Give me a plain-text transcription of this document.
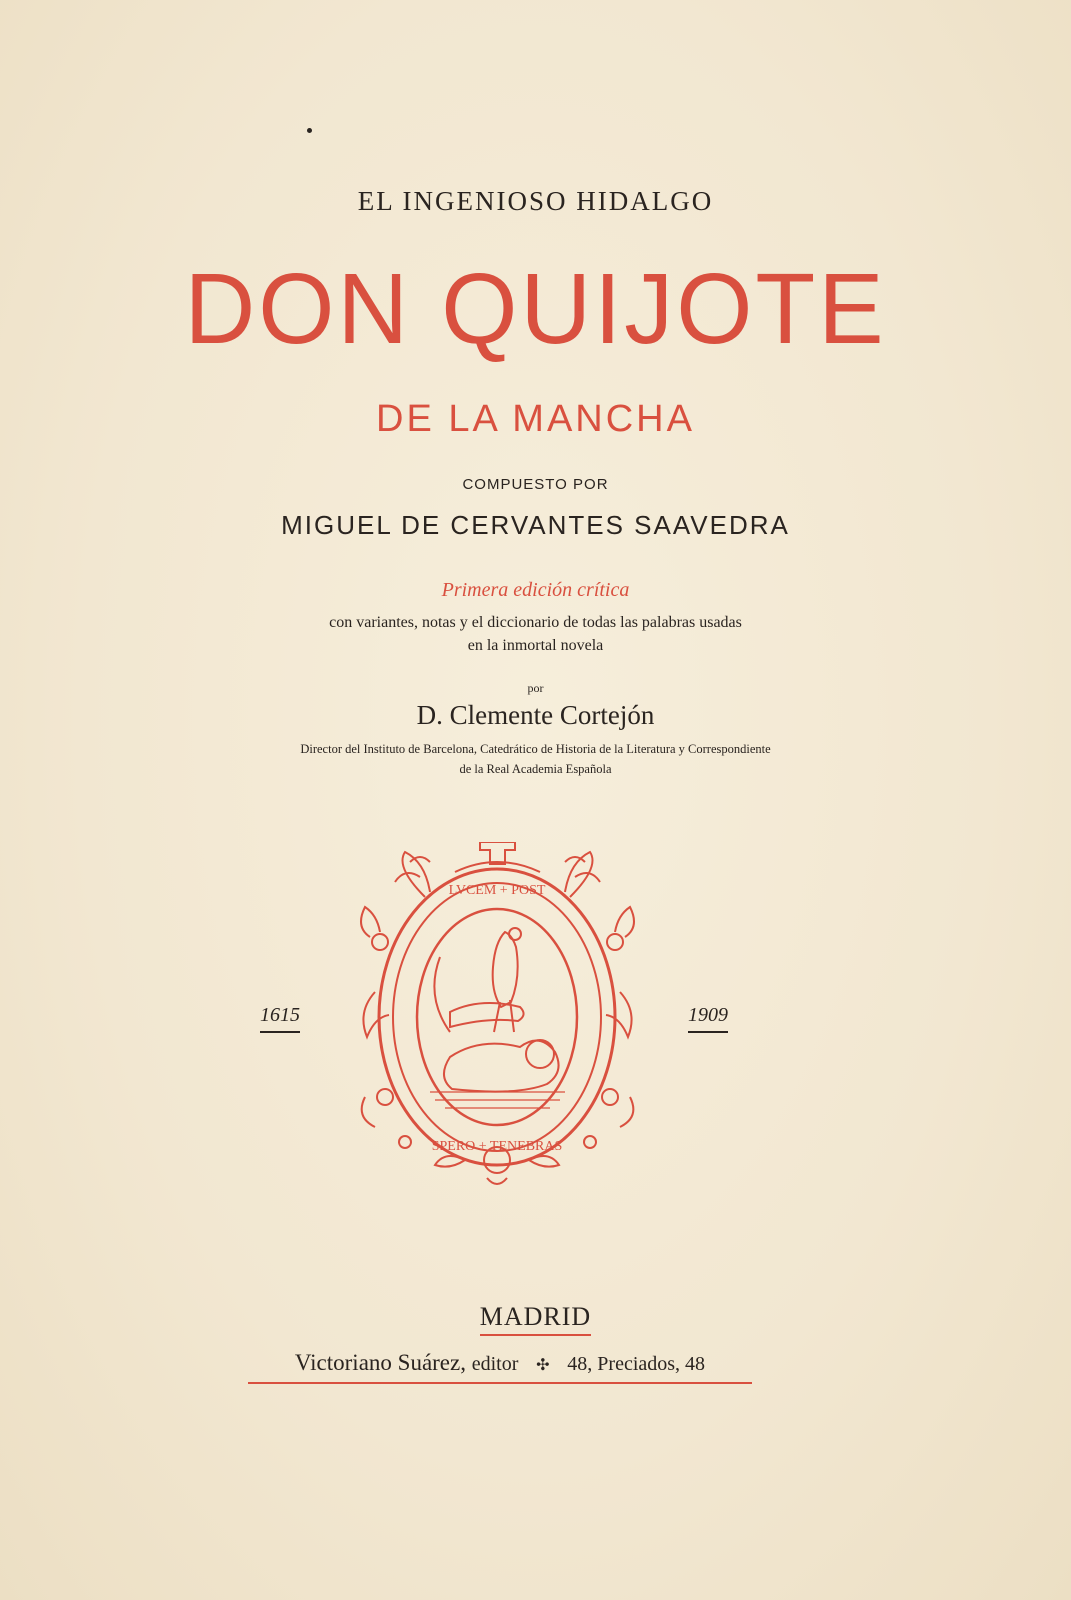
EL INGENIOSO HIDALGO
DON QUIJOTE
DE LA MANCHA
COMPUESTO POR
MIGUEL DE CERVANTES SAAVEDRA
Primera edición crítica
con variantes, notas y el diccionario de todas las palabras usadas
en la inmortal novela
por
D. Clemente Cortejón
Director del Instituto de Barcelona, Catedrático de Historia de la Literatura y Correspondiente
de la Real Academia Española
1615	1909
LVCEM + POST
SPERO + TENEBRAS
MADRID
Victoriano Suárez, editor ✣ 48, Preciados, 48
